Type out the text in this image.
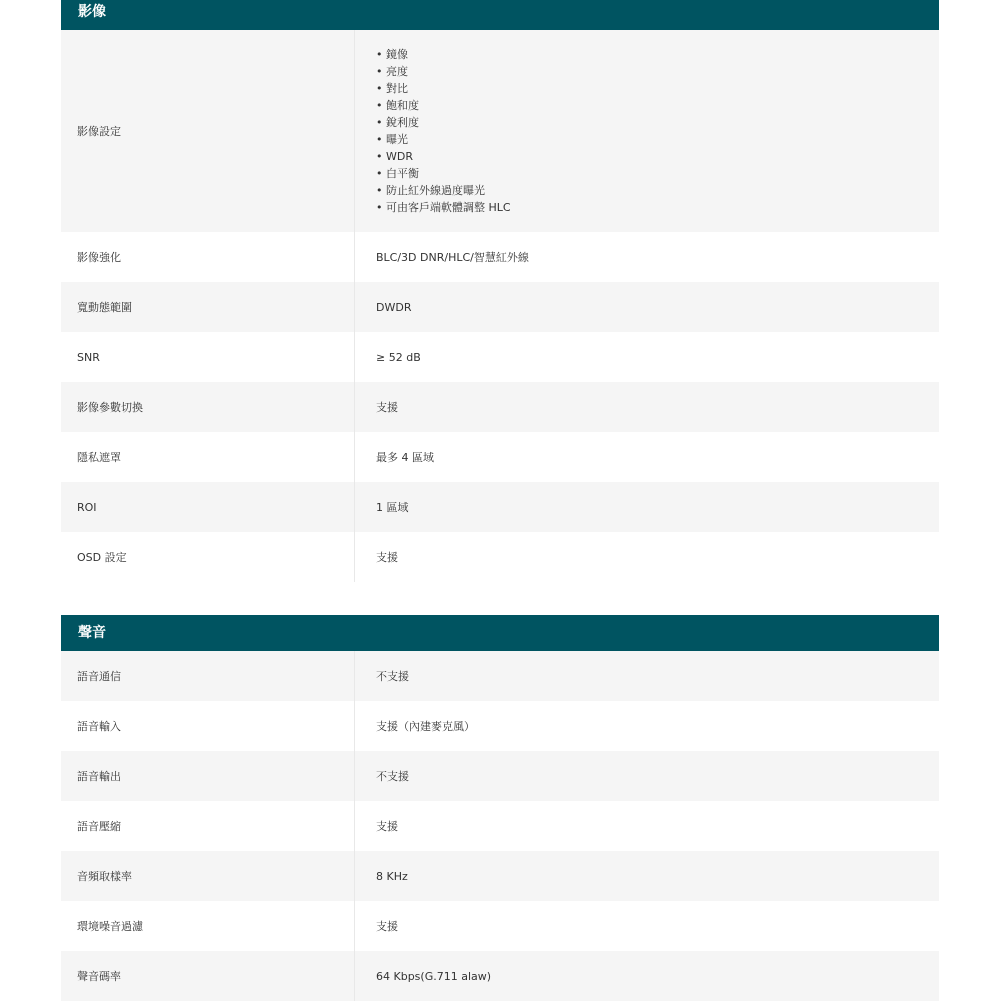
影像
影像設定
• 鏡像
• 亮度
• 對比
• 飽和度
• 銳利度
• 曝光
• WDR
• 白平衡
• 防止紅外線過度曝光
• 可由客戶端軟體調整 HLC
影像強化	BLC/3D DNR/HLC/智慧紅外線
寬動態範圍	DWDR
SNR	≥ 52 dB
影像參數切換	支援
隱私遮罩	最多 4 區域
ROI	1 區域
OSD 設定	支援
聲音
語音通信	不支援
語音輸入	支援（內建麥克風）
語音輸出	不支援
語音壓縮	支援
音頻取樣率	8 KHz
環境噪音過濾	支援
聲音碼率	64 Kbps(G.711 alaw)
